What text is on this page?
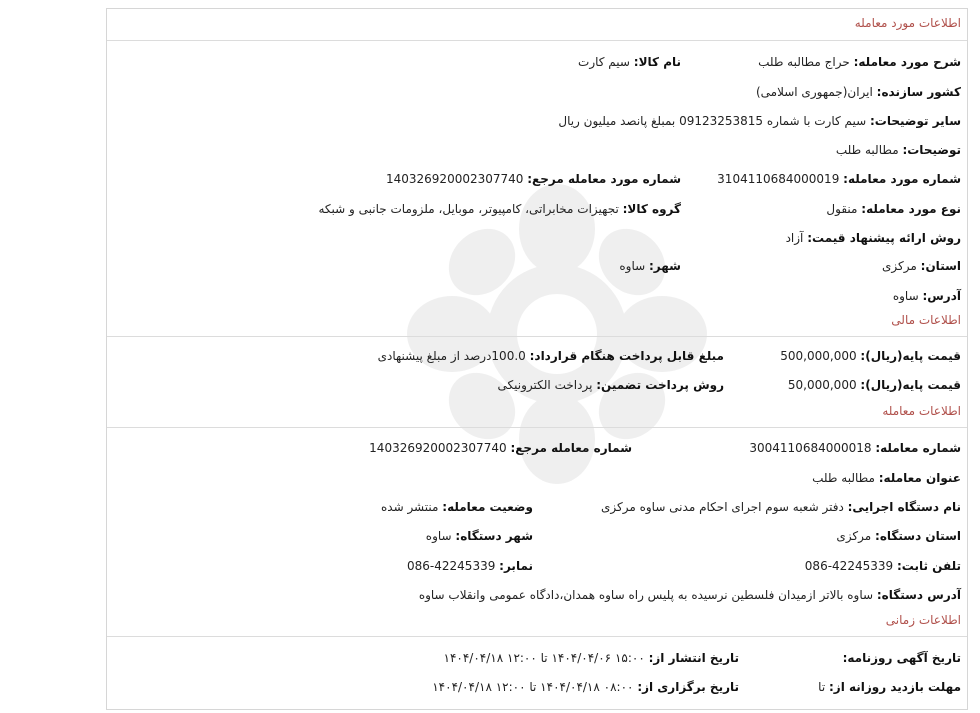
اطلاعات مورد معامله
شرح مورد معامله: حراج مطالبه طلب
نام کالا: سیم کارت
کشور سازنده: ایران(جمهوری اسلامی)
سایر توضیحات: سیم کارت با شماره 09123253815 بمبلغ پانصد میلیون ریال
توضیحات: مطالبه طلب
شماره مورد معامله: 3104110684000019
شماره مورد معامله مرجع: 140326920002307740
نوع مورد معامله: منقول
گروه کالا: تجهیزات مخابراتی، کامپیوتر، موبایل، ملزومات جانبی و شبکه
روش ارائه پیشنهاد قیمت: آزاد
استان: مرکزی
شهر: ساوه
آدرس: ساوه
اطلاعات مالی
قیمت پایه(ریال): 500,000,000
مبلغ قابل پرداخت هنگام قرارداد: 100.0درصد از مبلغ پیشنهادی
قیمت پایه(ریال): 50,000,000
روش پرداخت تضمین: پرداخت الکترونیکی
اطلاعات معامله
شماره معامله: 3004110684000018
شماره معامله مرجع: 140326920002307740
عنوان معامله: مطالبه طلب
نام دستگاه اجرایی: دفتر شعبه سوم اجرای احکام مدنی ساوه مرکزی
وضعیت معامله: منتشر شده
استان دستگاه: مرکزی
شهر دستگاه: ساوه
تلفن ثابت: 42245339-086
نمابر: 42245339-086
آدرس دستگاه: ساوه بالاتر ازمیدان فلسطین نرسیده به پلیس راه ساوه همدان،دادگاه عمومی وانقلاب ساوه
اطلاعات زمانی
تاریخ آگهی روزنامه:
تاریخ انتشار از: ۱۵:۰۰ ۱۴۰۴/۰۴/۰۶ تا ۱۲:۰۰ ۱۴۰۴/۰۴/۱۸
مهلت بازدید روزانه از: تا
تاریخ برگزاری از: ۰۸:۰۰ ۱۴۰۴/۰۴/۱۸ تا ۱۲:۰۰ ۱۴۰۴/۰۴/۱۸
